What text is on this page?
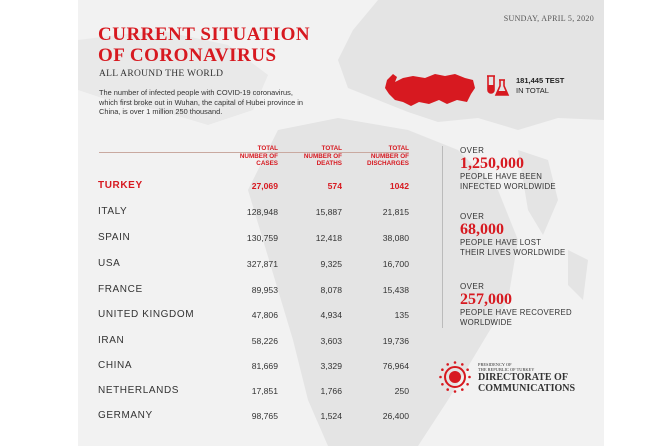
SUNDAY, APRIL 5, 2020
CURRENT SITUATION
OF CORONAVIRUS
ALL AROUND THE WORLD
The number of infected people with COVID-19 coronavirus, which first broke out in Wuhan, the capital of Hubei province in China, is over 1 million 250 thousand.
181,445 TEST
IN TOTAL
TOTAL
NUMBER OF
CASES
TOTAL
NUMBER OF
DEATHS
TOTAL
NUMBER OF
DISCHARGES
TURKEY	27,069	574	1042
ITALY	128,948	15,887	21,815
SPAIN	130,759	12,418	38,080
USA	327,871	9,325	16,700
FRANCE	89,953	8,078	15,438
UNITED KINGDOM	47,806	4,934	135
IRAN	58,226	3,603	19,736
CHINA	81,669	3,329	76,964
NETHERLANDS	17,851	1,766	250
GERMANY	98,765	1,524	26,400
OVER
1,250,000
PEOPLE HAVE BEEN
INFECTED WORLDWIDE
OVER
68,000
PEOPLE HAVE LOST
THEIR LIVES WORLDWIDE
OVER
257,000
PEOPLE HAVE RECOVERED
WORLDWIDE
PRESIDENCY OF
THE REPUBLIC OF TURKEY
DIRECTORATE OF
COMMUNICATIONS
